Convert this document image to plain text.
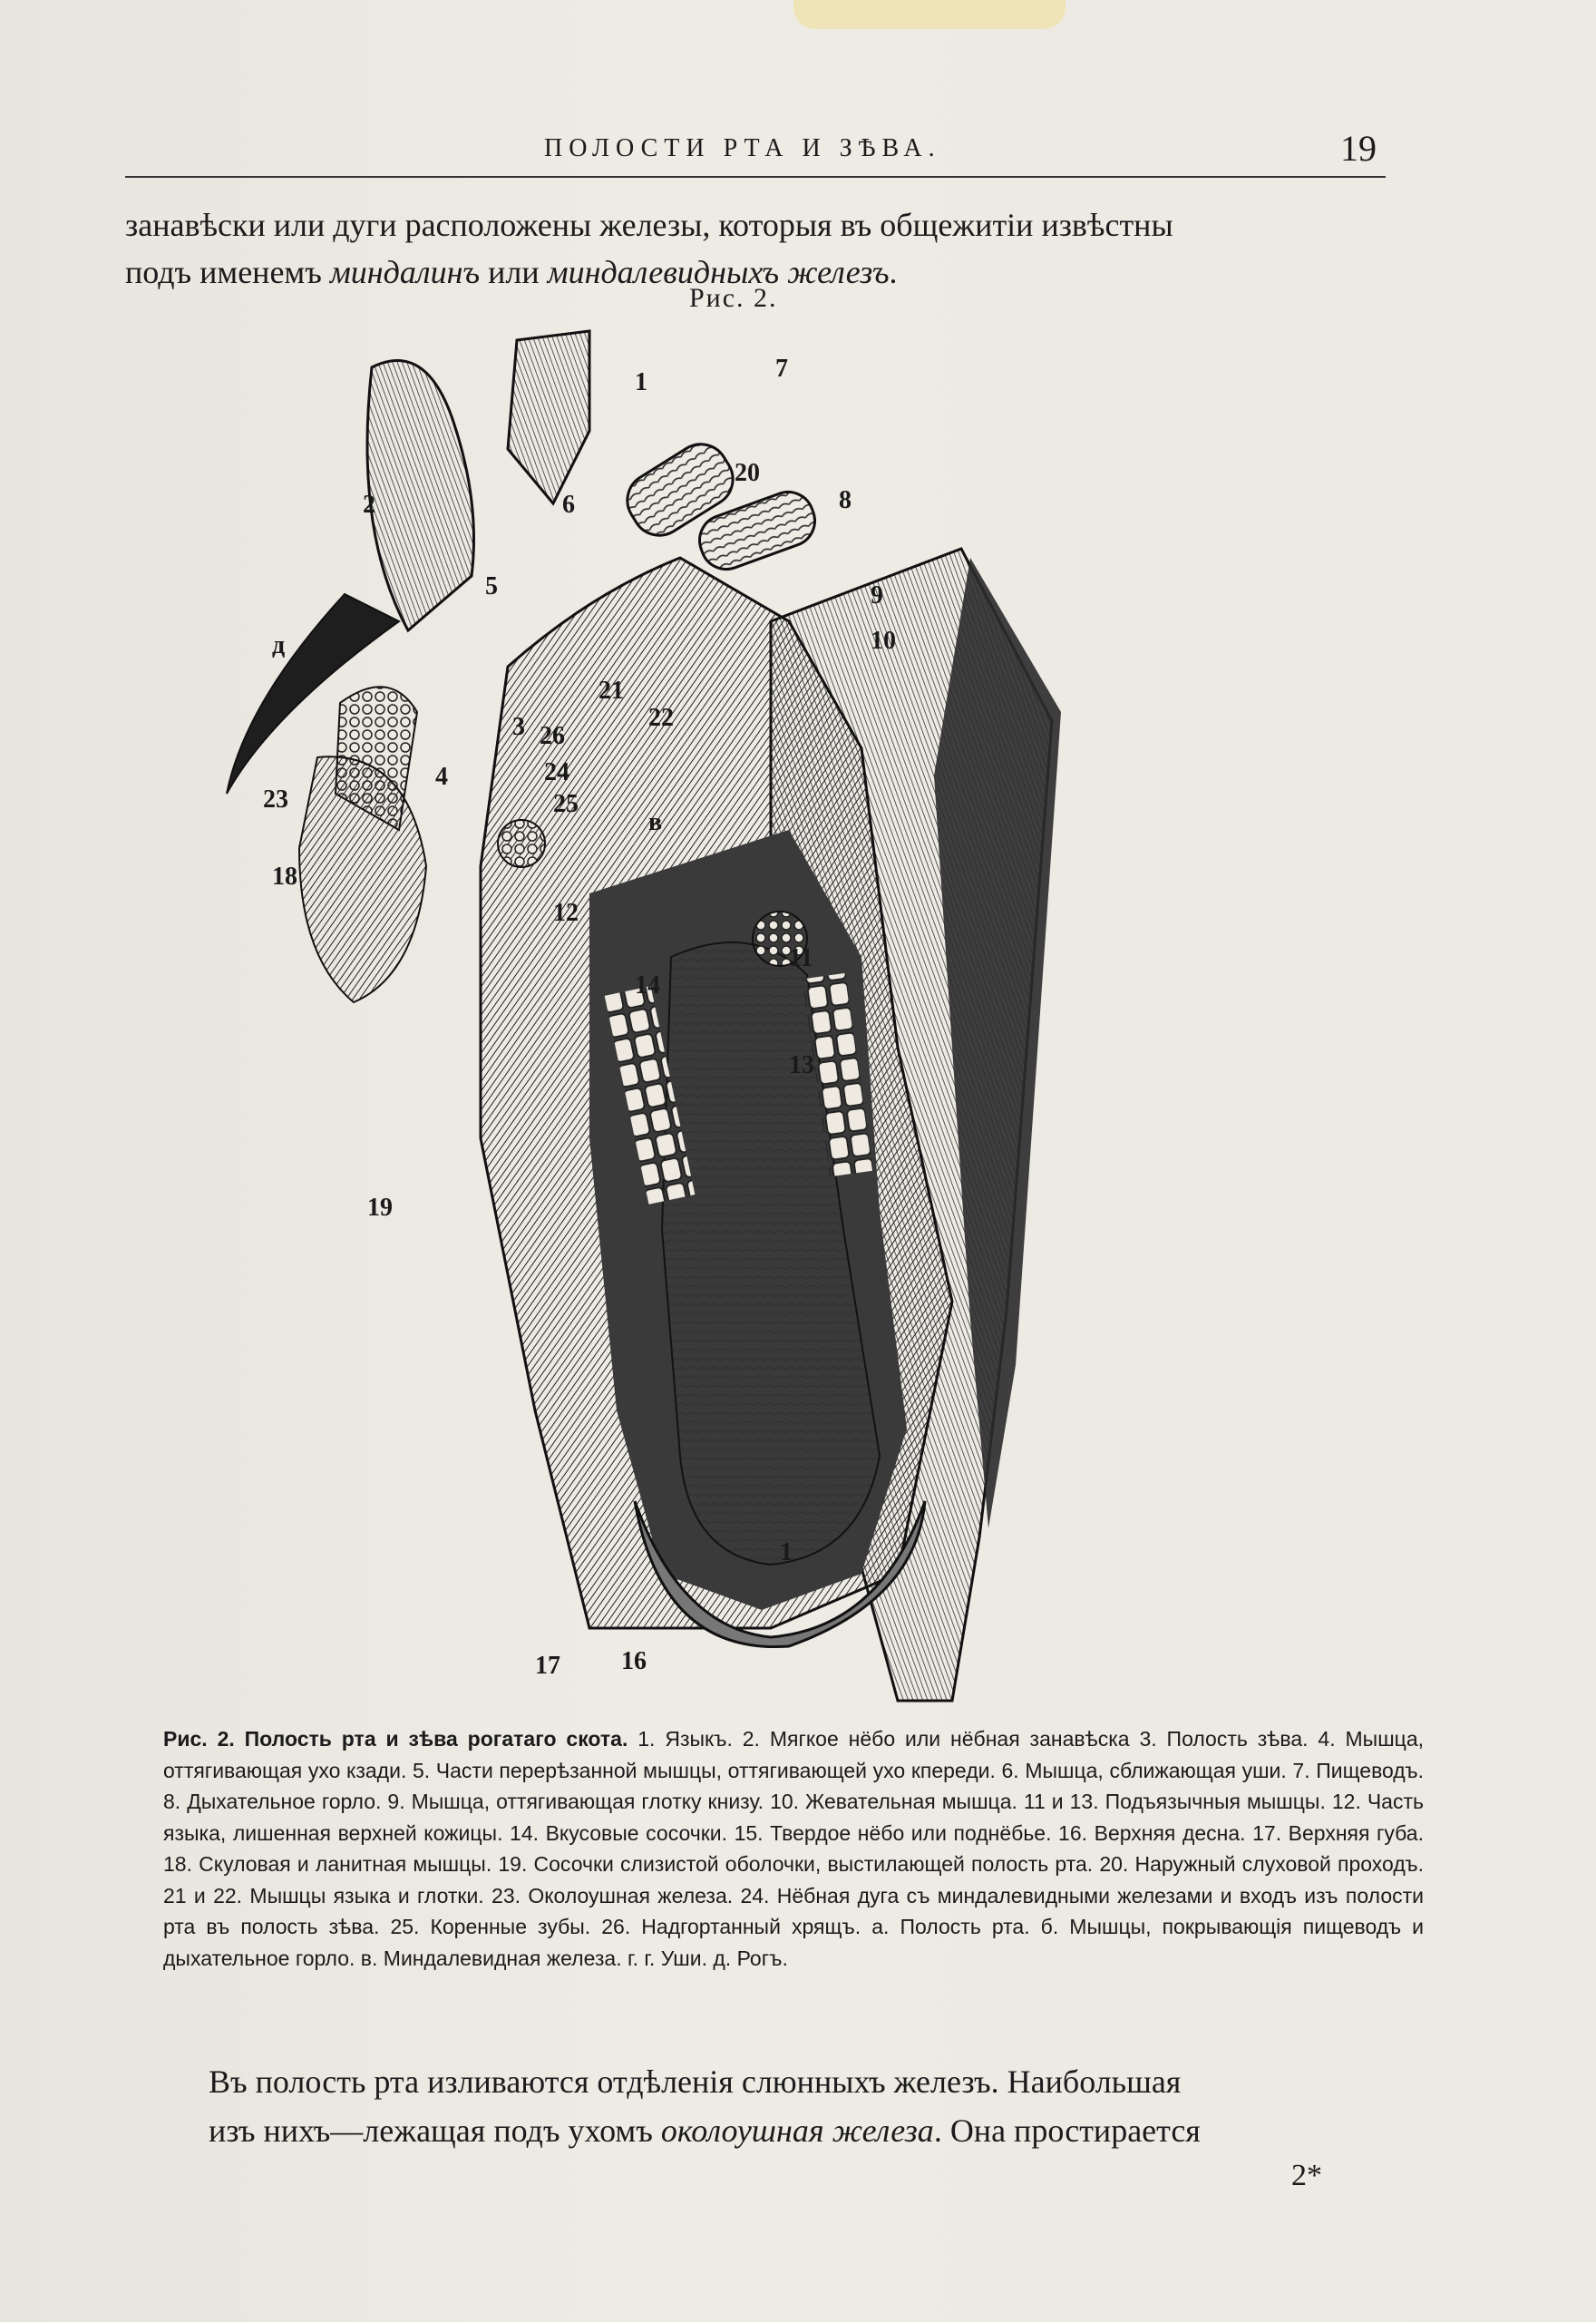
ПОЛОСТИ РТА И ЗѢВА.	19
занавѣски или дуги расположены железы, которыя въ общежитіи извѣстны
подъ именемъ миндалинъ или миндалевидныхъ железъ.
Рис. 2.
1
2
5
6
20
7
8
9
10
д
23
18
4
3 26
21
22
25
24
в
11
14
13
19
12
17 16
1
Рис. 2. Полость рта и зѣва рогатаго скота. 1. Языкъ. 2. Мягкое нёбо или нёбная занавѣска 3. Полость зѣва. 4. Мышца, оттягивающая ухо кзади. 5. Части перерѣзанной мышцы, оттягивающей ухо кпереди. 6. Мышца, сближающая уши. 7. Пищеводъ. 8. Дыхательное горло. 9. Мышца, оттягивающая глотку книзу. 10. Жевательная мышца. 11 и 13. Подъязычныя мышцы. 12. Часть языка, лишенная верхней кожицы. 14. Вкусовые сосочки. 15. Твердое нёбо или поднёбье. 16. Верхняя десна. 17. Верхняя губа. 18. Скуловая и ланитная мышцы. 19. Сосочки слизистой оболочки, выстилающей полость рта. 20. Наружный слуховой проходъ. 21 и 22. Мышцы языка и глотки. 23. Околоушная железа. 24. Нёбная дуга съ миндалевидными железами и входъ изъ полости рта въ полость зѣва. 25. Коренные зубы. 26. Надгортанный хрящъ. а. Полость рта. б. Мышцы, покрывающія пищеводъ и дыхательное горло. в. Миндалевидная железа. г. г. Уши. д. Рогъ.
Въ полость рта изливаются отдѣленія слюнныхъ железъ. Наибольшая
изъ нихъ—лежащая подъ ухомъ околоушная железа. Она простирается
2*
